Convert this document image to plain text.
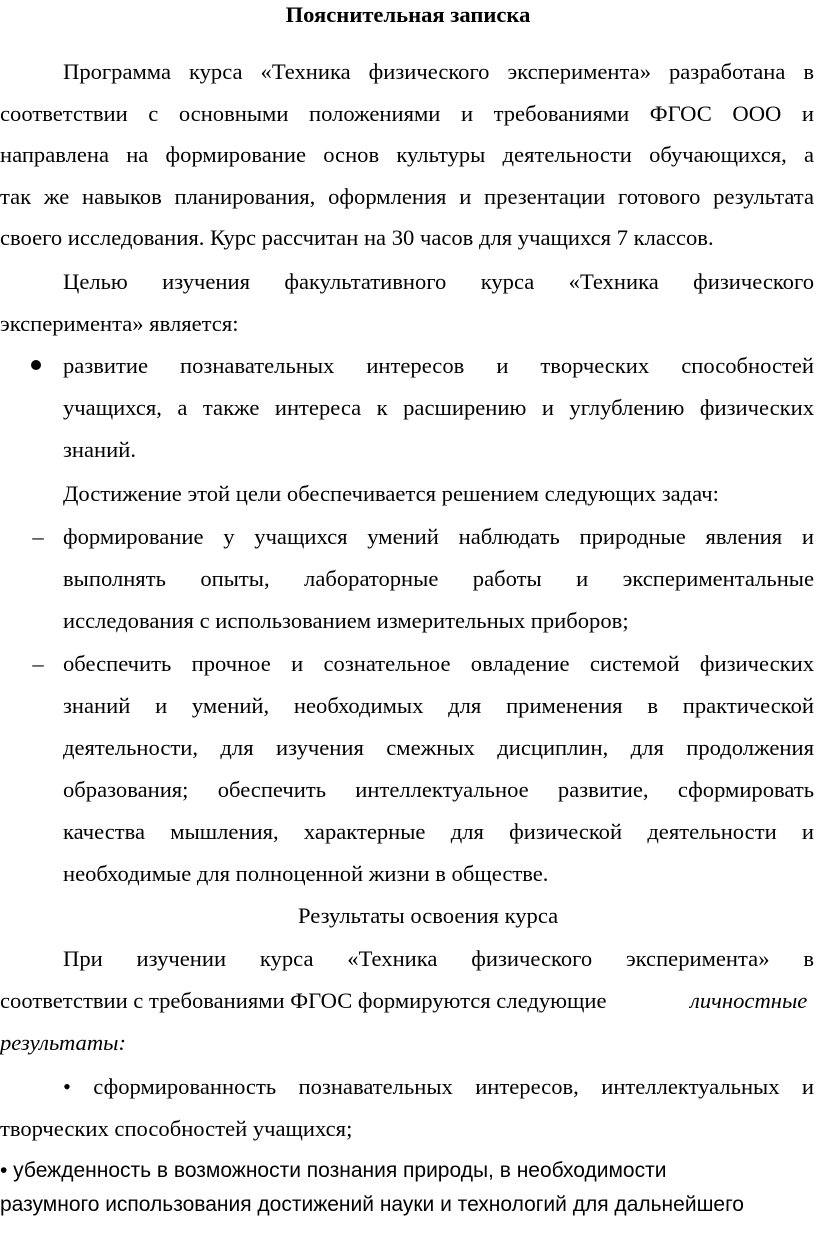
Пояснительная записка
Программа курса «Техника физического эксперимента» разработана в
соответствии с основными положениями и требованиями ФГОС ООО и
направлена на формирование основ культуры деятельности обучающихся, а
так же навыков планирования, оформления и презентации готового результата
своего исследования. Курс рассчитан на 30 часов для учащихся 7 классов.
Целью изучения факультативного курса «Техника физического
эксперимента» является:
развитие познавательных интересов и творческих способностей
учащихся, а также интереса к расширению и углублению физических
знаний.
Достижение этой цели обеспечивается решением следующих задач:
– формирование у учащихся умений наблюдать природные явления и
выполнять опыты, лабораторные работы и экспериментальные
исследования с использованием измерительных приборов;
– обеспечить прочное и сознательное овладение системой физических
знаний и умений, необходимых для применения в практической
деятельности, для изучения смежных дисциплин, для продолжения
образования; обеспечить интеллектуальное развитие, сформировать
качества мышления, характерные для физической деятельности и
необходимые для полноценной жизни в обществе.
Результаты освоения курса
При изучении курса «Техника физического эксперимента» в
соответствии с требованиями ФГОС формируются следующие	личностные
результаты:
• сформированность познавательных интересов, интеллектуальных и
творческих способностей учащихся;
• убежденность в возможности познания природы, в необходимости
разумного использования достижений науки и технологий для дальнейшего
